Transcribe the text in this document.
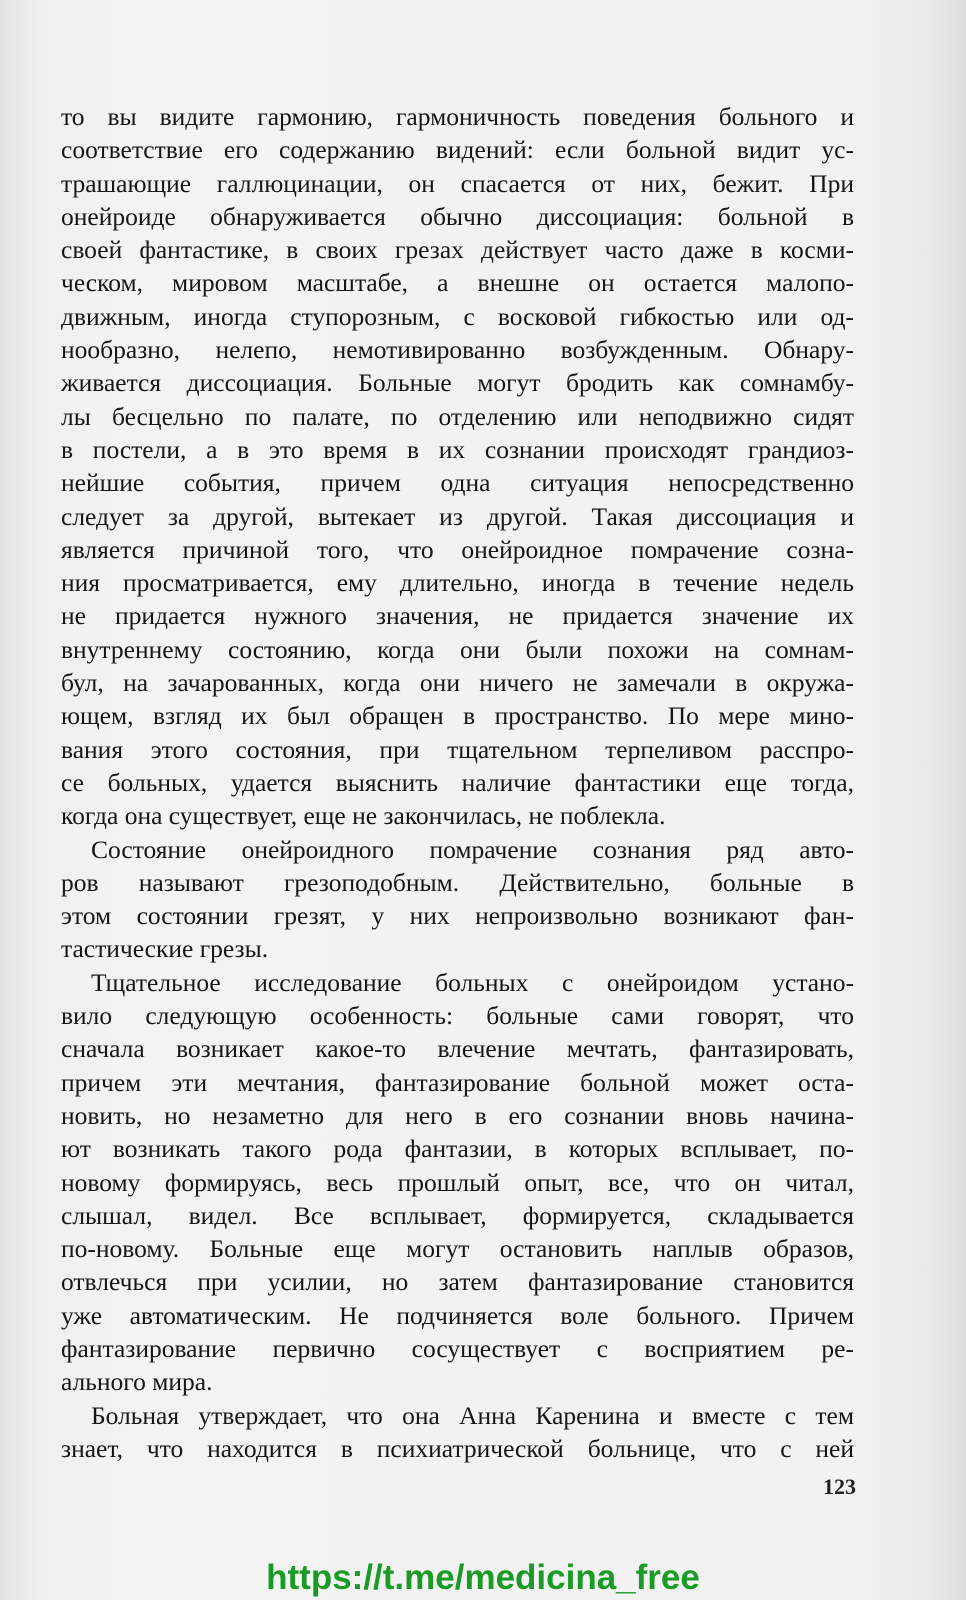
то вы видите гармонию, гармоничность поведения больного и
соответствие его содержанию видений: если больной видит ус-
трашающие галлюцинации, он спасается от них, бежит. При
онейроиде обнаруживается обычно диссоциация: больной в
своей фантастике, в своих грезах действует часто даже в косми-
ческом, мировом масштабе, а внешне он остается малопо-
движным, иногда ступорозным, с восковой гибкостью или од-
нообразно, нелепо, немотивированно возбужденным. Обнару-
живается диссоциация. Больные могут бродить как сомнамбу-
лы бесцельно по палате, по отделению или неподвижно сидят
в постели, а в это время в их сознании происходят грандиоз-
нейшие события, причем одна ситуация непосредственно
следует за другой, вытекает из другой. Такая диссоциация и
является причиной того, что онейроидное помрачение созна-
ния просматривается, ему длительно, иногда в течение недель
не придается нужного значения, не придается значение их
внутреннему состоянию, когда они были похожи на сомнам-
бул, на зачарованных, когда они ничего не замечали в окружа-
ющем, взгляд их был обращен в пространство. По мере мино-
вания этого состояния, при тщательном терпеливом расспро-
се больных, удается выяснить наличие фантастики еще тогда,
когда она существует, еще не закончилась, не поблекла.
Состояние онейроидного помрачение сознания ряд авто-
ров называют грезоподобным. Действительно, больные в
этом состоянии грезят, у них непроизвольно возникают фан-
тастические грезы.
Тщательное исследование больных с онейроидом устано-
вило следующую особенность: больные сами говорят, что
сначала возникает какое-то влечение мечтать, фантазировать,
причем эти мечтания, фантазирование больной может оста-
новить, но незаметно для него в его сознании вновь начина-
ют возникать такого рода фантазии, в которых всплывает, по-
новому формируясь, весь прошлый опыт, все, что он читал,
слышал, видел. Все всплывает, формируется, складывается
по-новому. Больные еще могут остановить наплыв образов,
отвлечься при усилии, но затем фантазирование становится
уже автоматическим. Не подчиняется воле больного. Причем
фантазирование первично сосуществует с восприятием ре-
ального мира.
Больная утверждает, что она Анна Каренина и вместе с тем
знает, что находится в психиатрической больнице, что с ней
123
https://t.me/medicina_free
